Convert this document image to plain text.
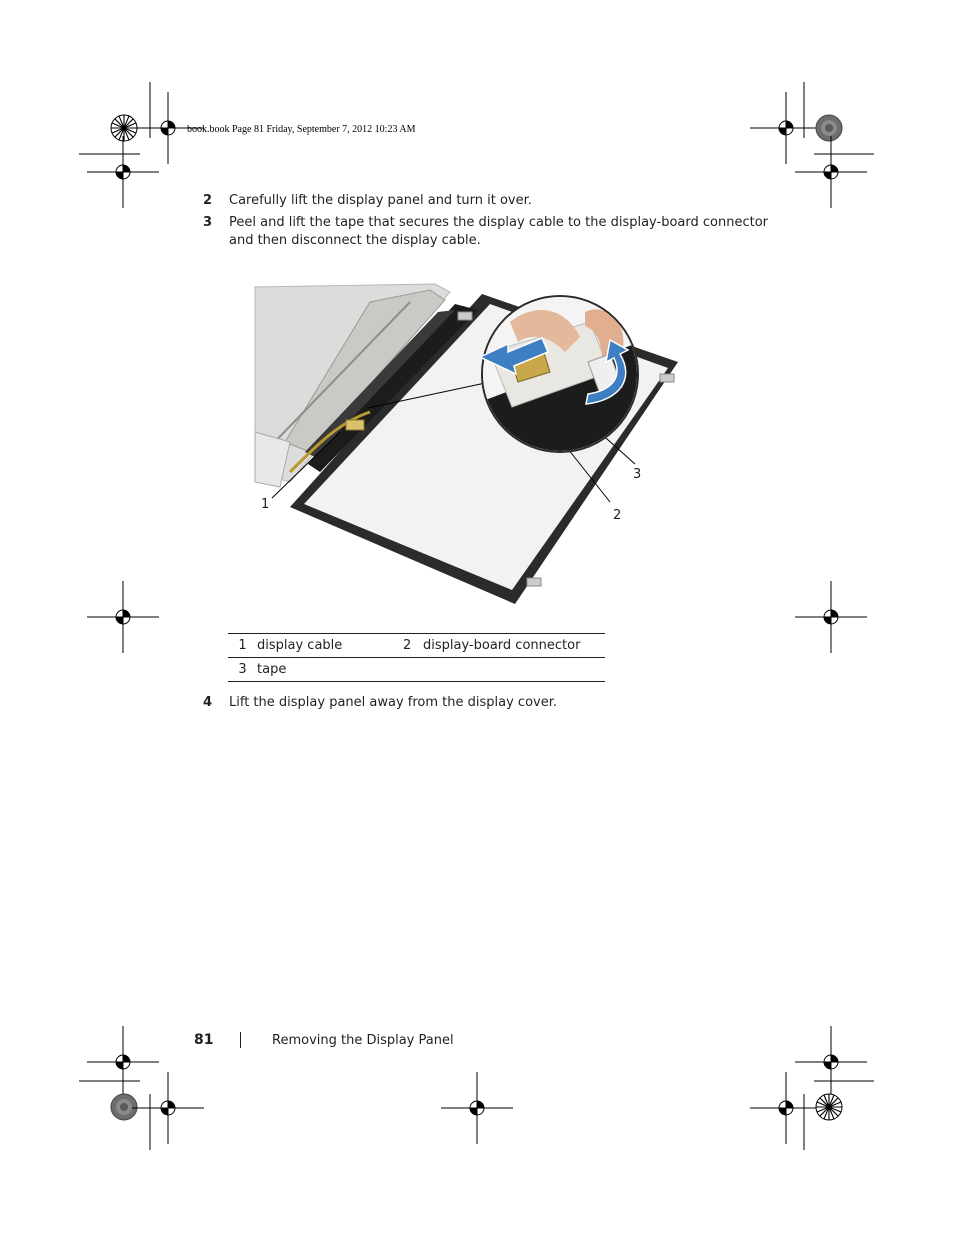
book.book Page 81 Friday, September 7, 2012 10:23 AM
2 Carefully lift the display panel and turn it over.
3 Peel and lift the tape that secures the display cable to the display-board connector and then disconnect the display cable.
1
2
3
1	display cable	2	display-board connector
3	tape		
4 Lift the display panel away from the display cover.
81	Removing the Display Panel
